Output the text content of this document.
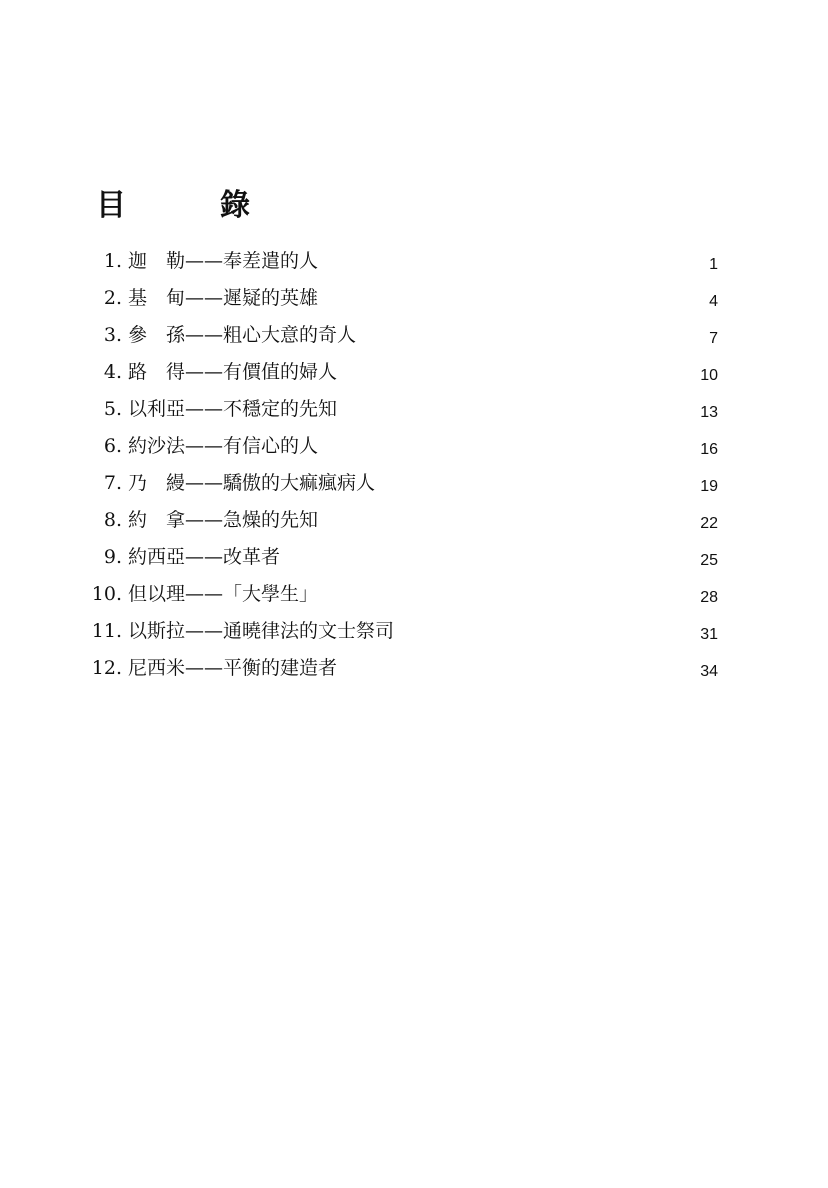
目　錄
1. 迦　勒——奉差遣的人	1
2. 基　甸——遲疑的英雄	4
3. 參　孫——粗心大意的奇人	7
4. 路　得——有價值的婦人	10
5. 以利亞——不穩定的先知	13
6. 約沙法——有信心的人	16
7. 乃　縵——驕傲的大痲瘋病人	19
8. 約　拿——急燥的先知	22
9. 約西亞——改革者	25
10. 但以理——「大學生」	28
11. 以斯拉——通曉律法的文士祭司	31
12. 尼西米——平衡的建造者	34
